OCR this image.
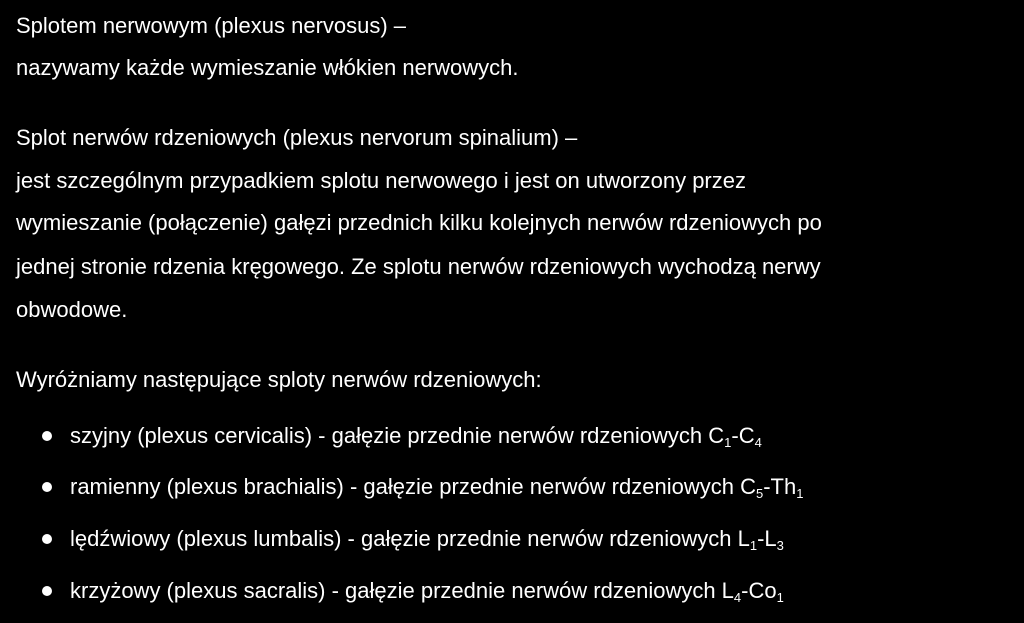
Splotem nerwowym (plexus nervosus) –
nazywamy każde wymieszanie włókien nerwowych.
Splot nerwów rdzeniowych (plexus nervorum spinalium) –
jest szczególnym przypadkiem splotu nerwowego i jest on utworzony przez
wymieszanie (połączenie) gałęzi przednich kilku kolejnych nerwów rdzeniowych po
jednej stronie rdzenia kręgowego. Ze splotu nerwów rdzeniowych wychodzą nerwy
obwodowe.
Wyróżniamy następujące sploty nerwów rdzeniowych:
szyjny (plexus cervicalis) - gałęzie przednie nerwów rdzeniowych $C_1-C_4$
ramienny (plexus brachialis) - gałęzie przednie nerwów rdzeniowych $C_5-Th_1$
lędźwiowy (plexus lumbalis) - gałęzie przednie nerwów rdzeniowych $L_1-L_3$
krzyżowy (plexus sacralis) - gałęzie przednie nerwów rdzeniowych $L_4-Co_1$
